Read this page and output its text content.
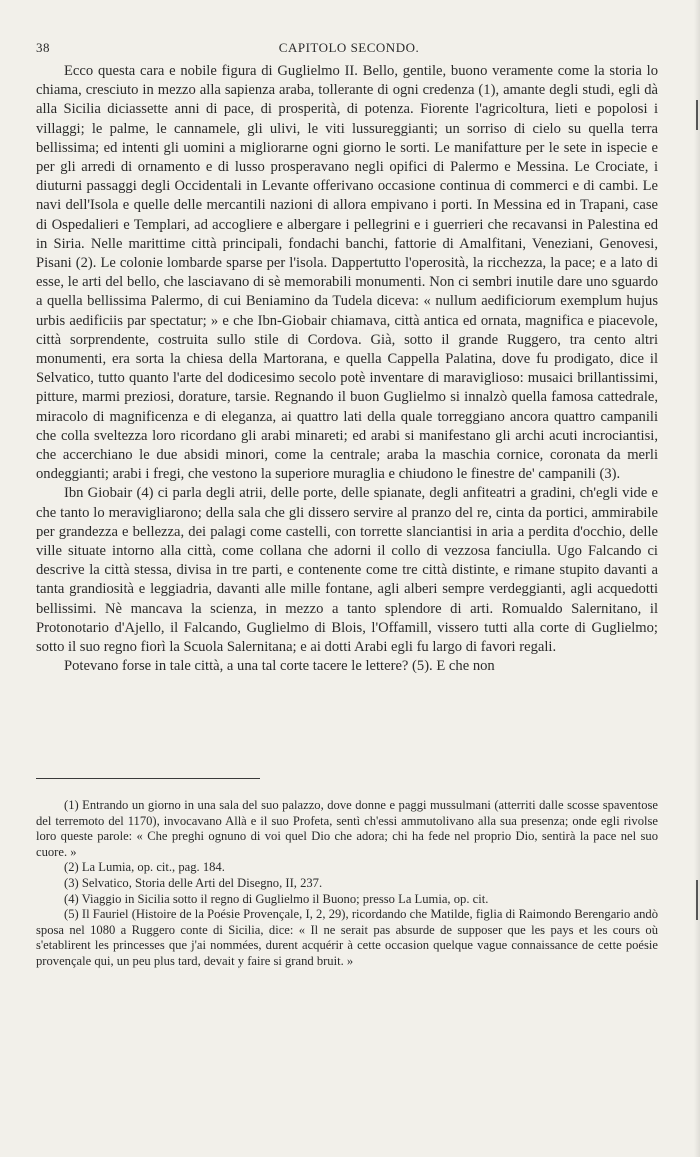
38	CAPITOLO SECONDO.

Ecco questa cara e nobile figura di Guglielmo II. Bello, gentile, buono veramente come la storia lo chiama, cresciuto in mezzo alla sapienza araba, tollerante di ogni credenza (1), amante degli studi, egli dà alla Sicilia diciassette anni di pace, di prosperità, di potenza. Fiorente l'agricoltura, lieti e popolosi i villaggi; le palme, le cannamele, gli ulivi, le viti lussureggianti; un sorriso di cielo su quella terra bellissima; ed intenti gli uomini a migliorarne ogni giorno le sorti. Le manifatture per le sete in ispecie e per gli arredi di ornamento e di lusso prosperavano negli opifici di Palermo e Messina. Le Crociate, i diuturni passaggi degli Occidentali in Levante offerivano occasione continua di commerci e di cambi. Le navi dell'Isola e quelle delle mercantili nazioni di allora empivano i porti. In Messina ed in Trapani, case di Ospedalieri e Templari, ad accogliere e albergare i pellegrini e i guerrieri che recavansi in Palestina ed in Siria. Nelle marittime città principali, fondachi banchi, fattorie di Amalfitani, Veneziani, Genovesi, Pisani (2). Le colonie lombarde sparse per l'isola. Dappertutto l'operosità, la ricchezza, la pace; e a lato di esse, le arti del bello, che lasciavano di sè memorabili monumenti. Non ci sembri inutile dare uno sguardo a quella bellissima Palermo, di cui Beniamino da Tudela diceva: « nullum aedificiorum exemplum hujus urbis aedificiis par spectatur; » e che Ibn-Giobair chiamava, città antica ed ornata, magnifica e piacevole, città sorprendente, costruita sullo stile di Cordova. Già, sotto il grande Ruggero, tra cento altri monumenti, era sorta la chiesa della Martorana, e quella Cappella Palatina, dove fu prodigato, dice il Selvatico, tutto quanto l'arte del dodicesimo secolo potè inventare di maraviglioso: musaici brillantissimi, pitture, marmi preziosi, dorature, tarsie. Regnando il buon Guglielmo si innalzò quella famosa cattedrale, miracolo di magnificenza e di eleganza, ai quattro lati della quale torreggiano ancora quattro campanili che colla sveltezza loro ricordano gli arabi minareti; ed arabi si manifestano gli archi acuti incrociantisi, che accerchiano le due absidi minori, come la centrale; araba la maschia cornice, coronata da merli ondeggianti; arabi i fregi, che vestono la superiore muraglia e chiudono le finestre de' campanili (3).

Ibn Giobair (4) ci parla degli atrii, delle porte, delle spianate, degli anfiteatri a gradini, ch'egli vide e che tanto lo meravigliarono; della sala che gli dissero servire al pranzo del re, cinta da portici, ammirabile per grandezza e bellezza, dei palagi come castelli, con torrette slanciantisi in aria a perdita d'occhio, delle ville situate intorno alla città, come collana che adorni il collo di vezzosa fanciulla. Ugo Falcando ci descrive la città stessa, divisa in tre parti, e contenente come tre città distinte, e rimane stupito davanti a tanta grandiosità e leggiadria, davanti alle mille fontane, agli alberi sempre verdeggianti, agli acquedotti bellissimi. Nè mancava la scienza, in mezzo a tanto splendore di arti. Romualdo Salernitano, il Protonotario d'Ajello, il Falcando, Guglielmo di Blois, l'Offamill, vissero tutti alla corte di Guglielmo; sotto il suo regno fiorì la Scuola Salernitana; e ai dotti Arabi egli fu largo di favori regali.

Potevano forse in tale città, a una tal corte tacere le lettere? (5). E che non

(1) Entrando un giorno in una sala del suo palazzo, dove donne e paggi mussulmani (atterriti dalle scosse spaventose del terremoto del 1170), invocavano Allà e il suo Profeta, sentì ch'essi ammutolivano alla sua presenza; onde egli rivolse loro queste parole: « Che preghi ognuno di voi quel Dio che adora; chi ha fede nel proprio Dio, sentirà la pace nel suo cuore. »

(2) La Lumia, op. cit., pag. 184.

(3) Selvatico, Storia delle Arti del Disegno, II, 237.

(4) Viaggio in Sicilia sotto il regno di Guglielmo il Buono; presso La Lumia, op. cit.

(5) Il Fauriel (Histoire de la Poésie Provençale, I, 2, 29), ricordando che Matilde, figlia di Raimondo Berengario andò sposa nel 1080 a Ruggero conte di Sicilia, dice: « Il ne serait pas absurde de supposer que les pays et les cours où s'etablirent les princesses que j'ai nommées, durent acquérir à cette occasion quelque vague connaissance de cette poésie provençale qui, un peu plus tard, devait y faire si grand bruit. »
